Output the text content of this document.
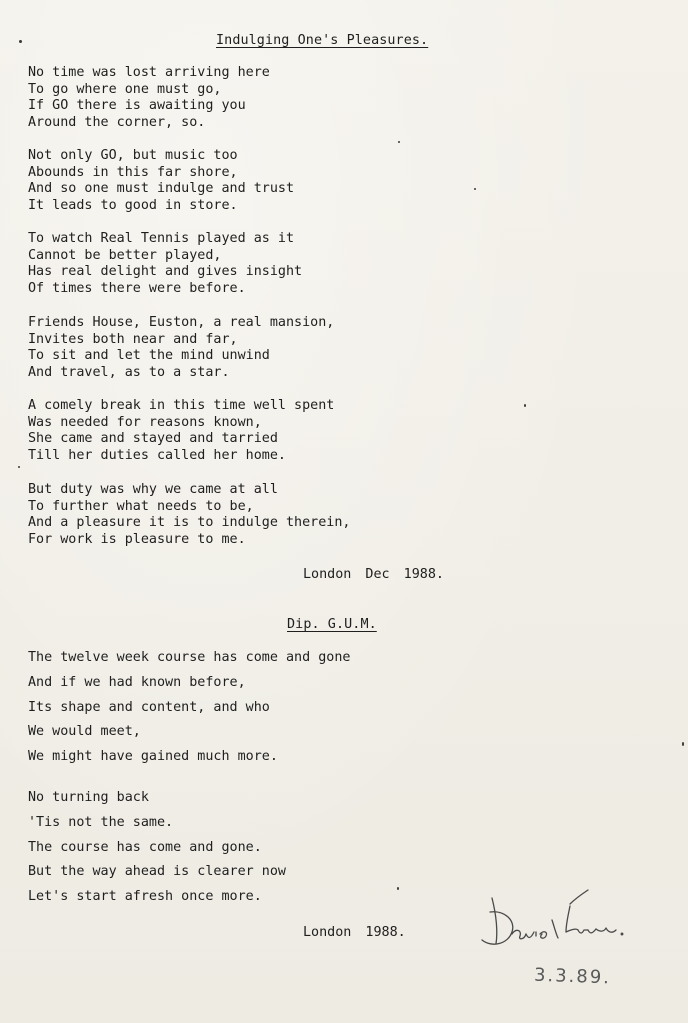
Indulging One's Pleasures.
No time was lost arriving here
To go where one must go,
If GO there is awaiting you
Around the corner, so.
Not only GO, but music too
Abounds in this far shore,
And so one must indulge and trust
It leads to good in store.
To watch Real Tennis played as it
Cannot be better played,
Has real delight and gives insight
Of times there were before.
Friends House, Euston, a real mansion,
Invites both near and far,
To sit and let the mind unwind
And travel, as to a star.
A comely break in this time well spent
Was needed for reasons known,
She came and stayed and tarried
Till her duties called her home.
But duty was why we came at all
To further what needs to be,
And a pleasure it is to indulge therein,
For work is pleasure to me.
London Dec 1988.
Dip. G.U.M.
The twelve week course has come and gone
And if we had known before,
Its shape and content, and who
We would meet,
We might have gained much more.
No turning back
'Tis not the same.
The course has come and gone.
But the way ahead is clearer now
Let's start afresh once more.
London 1988.
3.3.89.
